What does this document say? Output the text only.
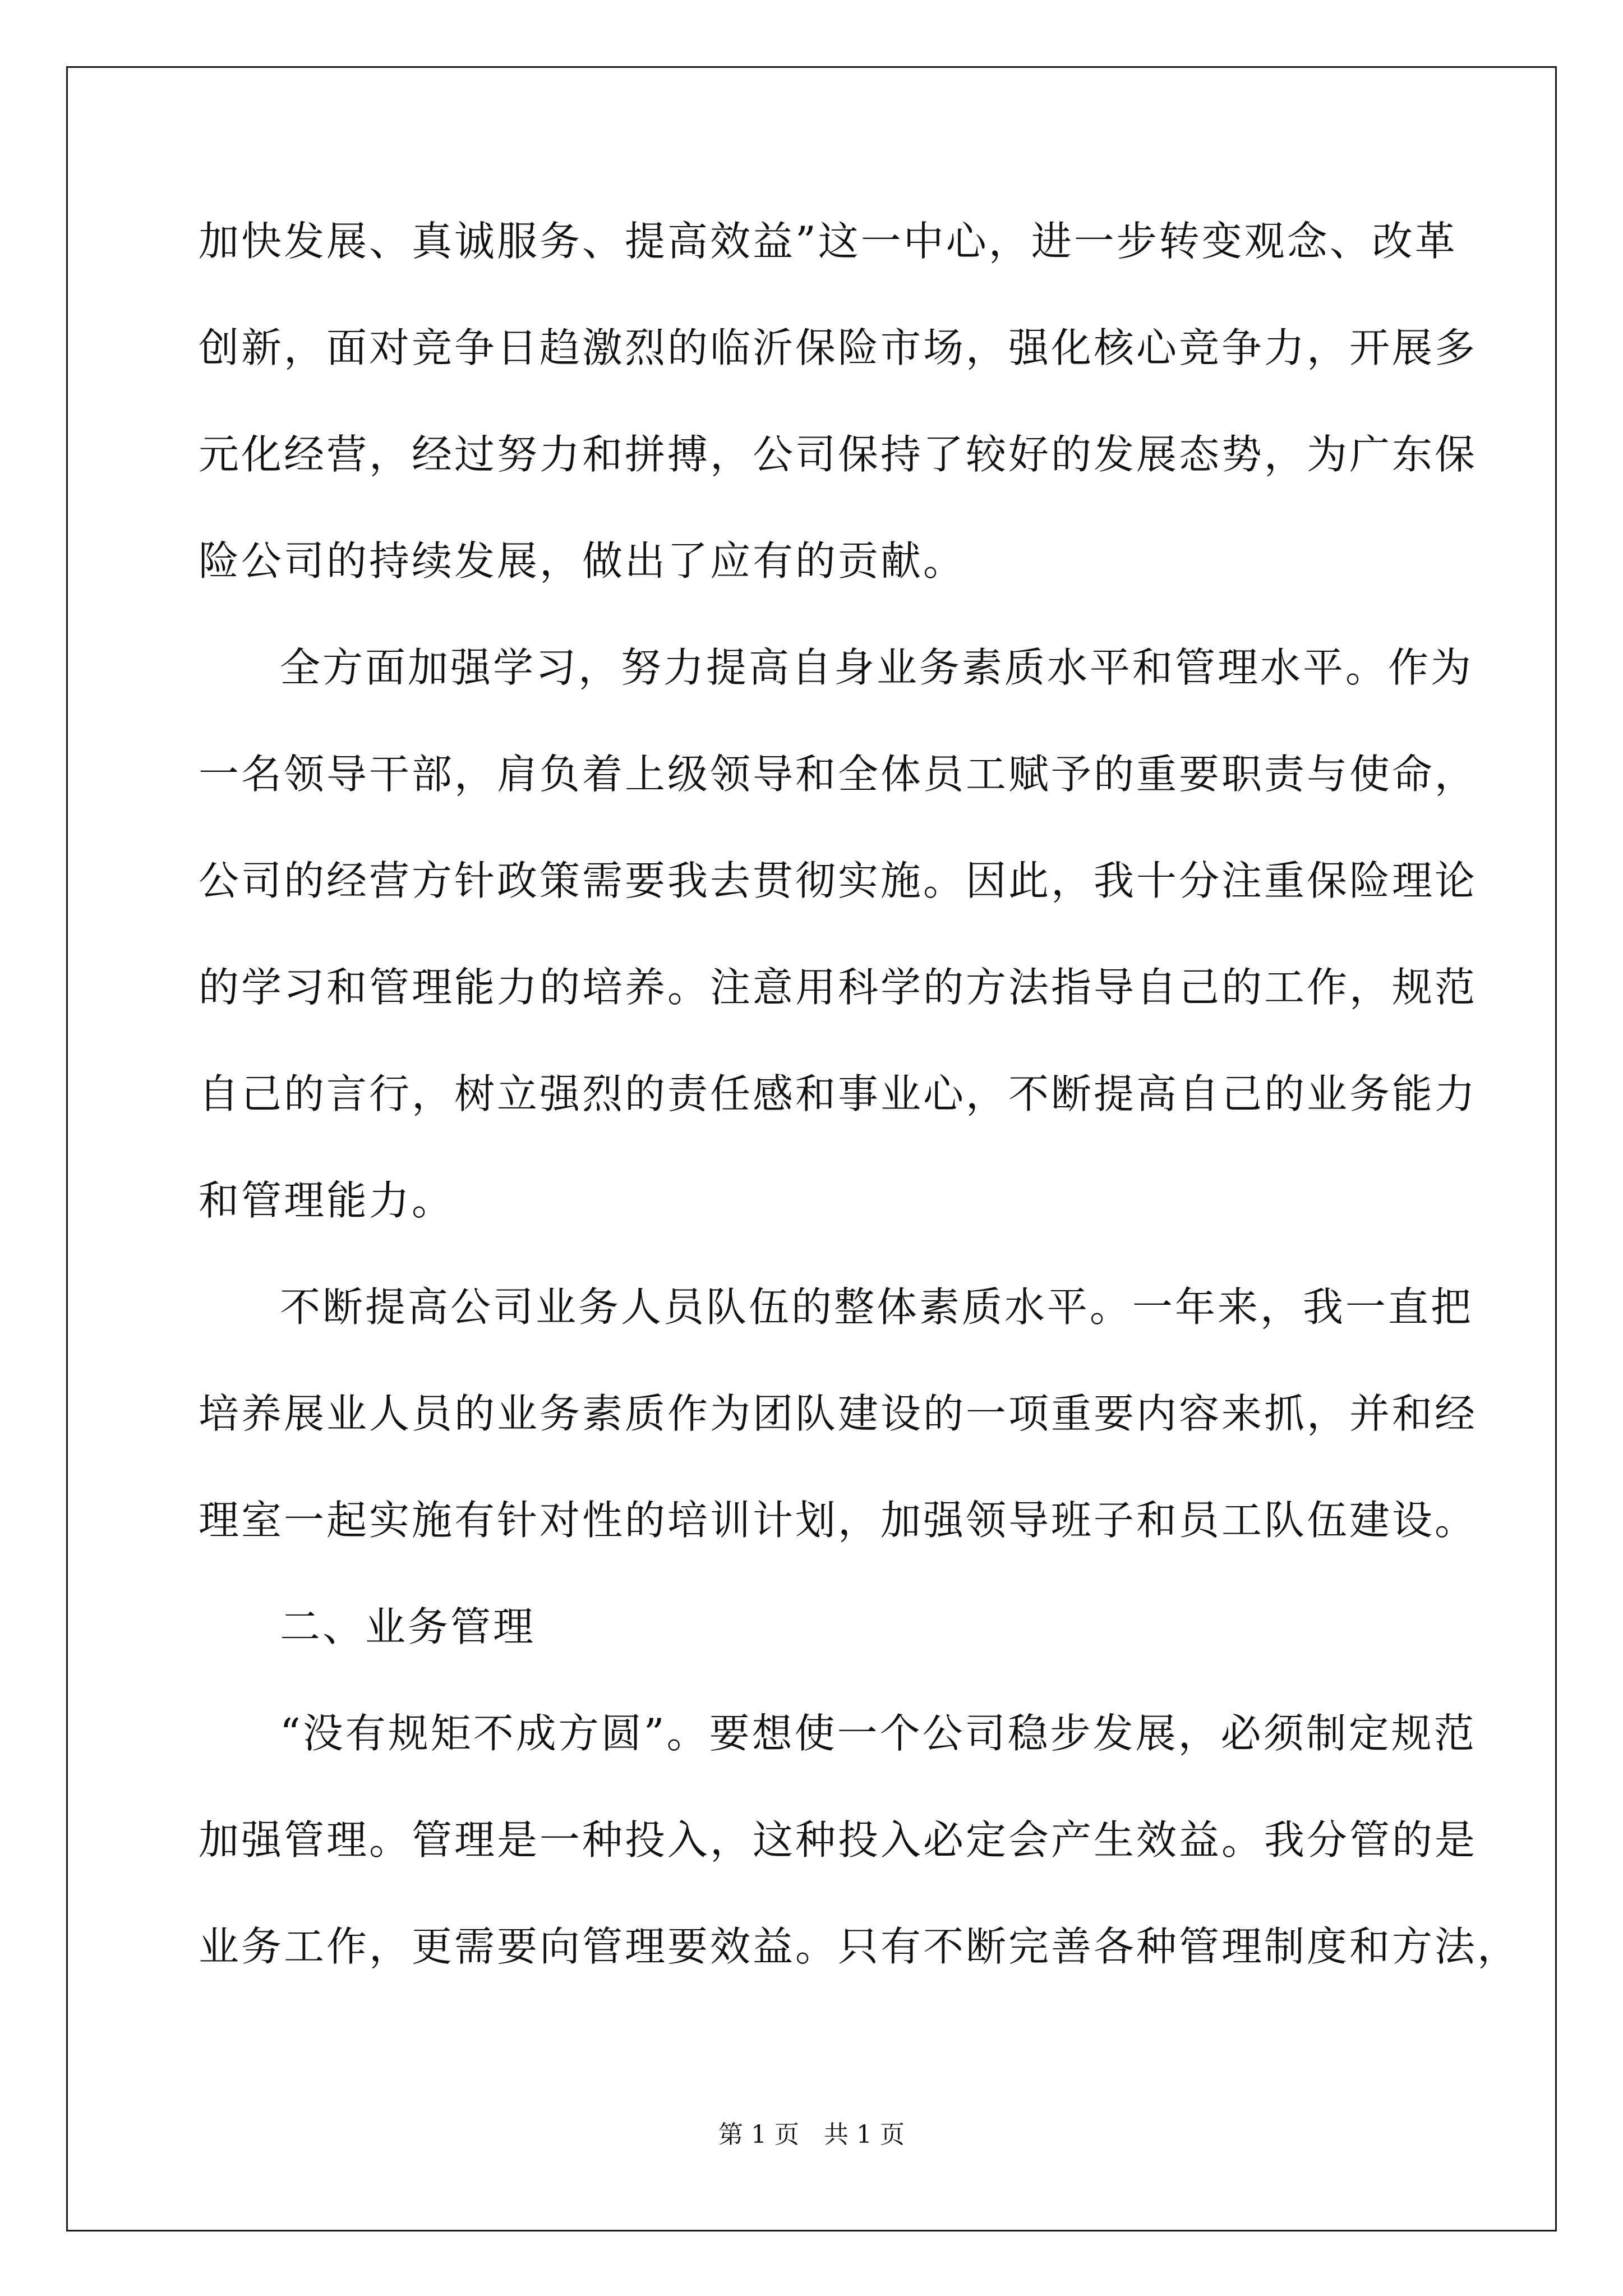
加快发展、真诚服务、提高效益”这一中心，进一步转变观念、改革
创新，面对竞争日趋激烈的临沂保险市场，强化核心竞争力，开展多
元化经营，经过努力和拼搏，公司保持了较好的发展态势，为广东保
险公司的持续发展，做出了应有的贡献。
全方面加强学习，努力提高自身业务素质水平和管理水平。作为
一名领导干部，肩负着上级领导和全体员工赋予的重要职责与使命，
公司的经营方针政策需要我去贯彻实施。因此，我十分注重保险理论
的学习和管理能力的培养。注意用科学的方法指导自己的工作，规范
自己的言行，树立强烈的责任感和事业心，不断提高自己的业务能力
和管理能力。
不断提高公司业务人员队伍的整体素质水平。一年来，我一直把
培养展业人员的业务素质作为团队建设的一项重要内容来抓，并和经
理室一起实施有针对性的培训计划，加强领导班子和员工队伍建设。
二、业务管理
“没有规矩不成方圆”。要想使一个公司稳步发展，必须制定规范
加强管理。管理是一种投入，这种投入必定会产生效益。我分管的是
业务工作，更需要向管理要效益。只有不断完善各种管理制度和方法，
第 1 页　共 1 页
